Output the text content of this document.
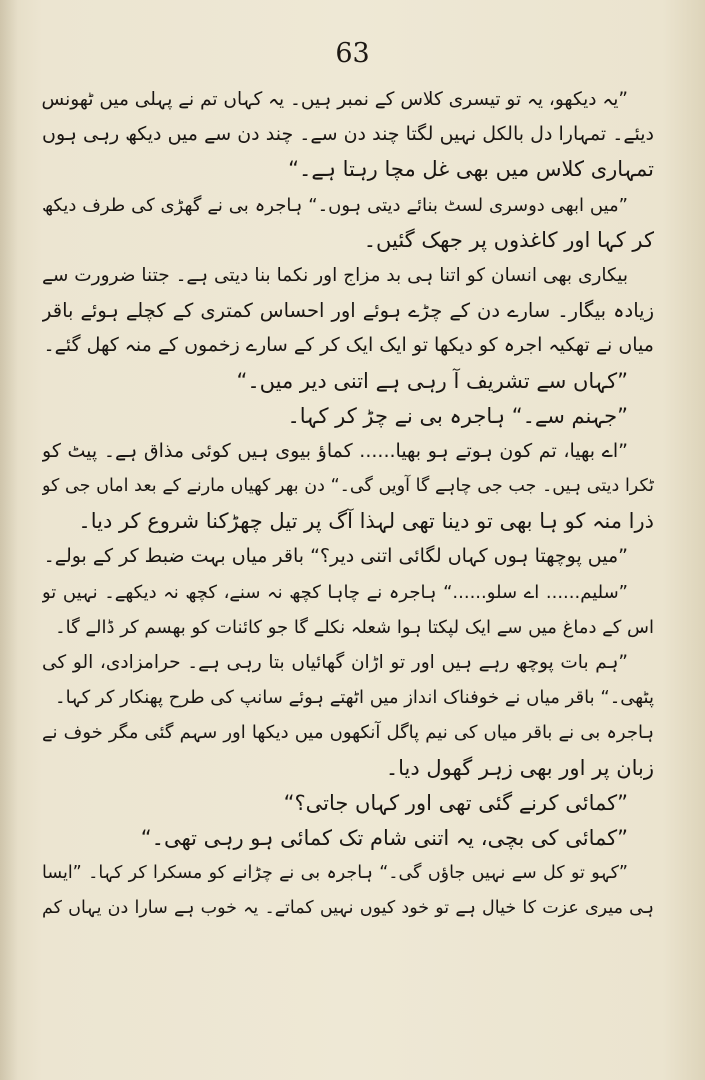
63
”یہ دیکھو، یہ تو تیسری کلاس کے نمبر ہیں۔ یہ کہاں تم نے پہلی میں ٹھونس
دیئے۔ تمہارا دل بالکل نہیں لگتا چند دن سے۔ چند دن سے میں دیکھ رہی ہوں
تمہاری کلاس میں بھی غل مچا رہتا ہے۔“
”میں ابھی دوسری لسٹ بنائے دیتی ہوں۔“ ہاجرہ بی نے گھڑی کی طرف دیکھ
کر کہا اور کاغذوں پر جھک گئیں۔
بیکاری بھی انسان کو اتنا ہی بد مزاج اور نکما بنا دیتی ہے۔ جتنا ضرورت سے
زیادہ بیگار۔ سارے دن کے چڑے ہوئے اور احساس کمتری کے کچلے ہوئے باقر
میاں نے تھکیہ اجرہ کو دیکھا تو ایک ایک کر کے سارے زخموں کے منہ کھل گئے۔
”کہاں سے تشریف آ رہی ہے اتنی دیر میں۔“
”جہنم سے۔“ ہاجرہ بی نے چڑ کر کہا۔
”اے بھیا، تم کون ہوتے ہو بھیا...... کماؤ بیوی ہیں کوئی مذاق ہے۔ پیٹ کو
ٹکرا دیتی ہیں۔ جب جی چاہے گا آویں گی۔“ دن بھر کھیاں مارنے کے بعد اماں جی کو
ذرا منہ کو ہا بھی تو دینا تھی لہذا آگ پر تیل چھڑکنا شروع کر دیا۔
”میں پوچھتا ہوں کہاں لگائی اتنی دیر؟“ باقر میاں بہت ضبط کر کے بولے۔
”سلیم...... اے سلو......“ ہاجرہ نے چاہا کچھ نہ سنے، کچھ نہ دیکھے۔ نہیں تو
اس کے دماغ میں سے ایک لپکتا ہوا شعلہ نکلے گا جو کائنات کو بھسم کر ڈالے گا۔
”ہم بات پوچھ رہے ہیں اور تو اڑان گھائیاں بتا رہی ہے۔ حرامزادی، الو کی
پٹھی۔“ باقر میاں نے خوفناک انداز میں اٹھتے ہوئے سانپ کی طرح پھنکار کر کہا۔
ہاجرہ بی نے باقر میاں کی نیم پاگل آنکھوں میں دیکھا اور سہم گئی مگر خوف نے
زبان پر اور بھی زہر گھول دیا۔
”کمائی کرنے گئی تھی اور کہاں جاتی؟“
”کمائی کی بچی، یہ اتنی شام تک کمائی ہو رہی تھی۔“
”کہو تو کل سے نہیں جاؤں گی۔“ ہاجرہ بی نے چڑانے کو مسکرا کر کہا۔ ”ایسا
ہی میری عزت کا خیال ہے تو خود کیوں نہیں کماتے۔ یہ خوب ہے سارا دن یہاں کم
